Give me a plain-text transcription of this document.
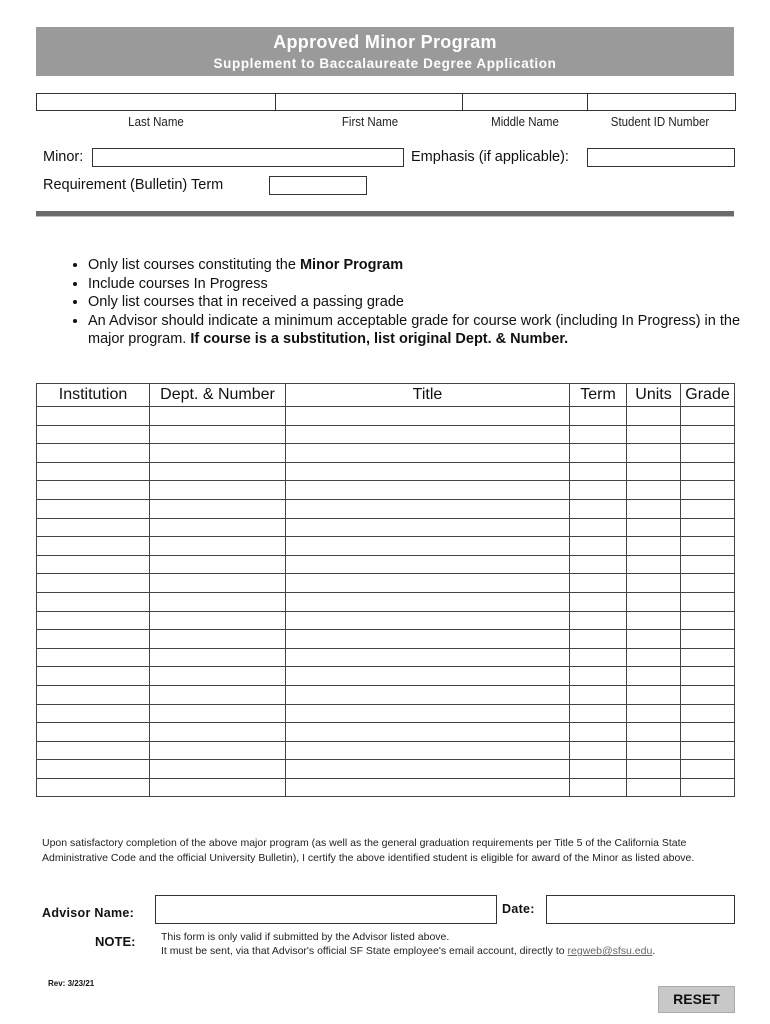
Approved Minor Program
Supplement to Baccalaureate Degree Application
Last Name	First Name	Middle Name	Student ID Number
Minor:	Emphasis (if applicable):
Requirement (Bulletin) Term
• Only list courses constituting the Minor Program
• Include courses In Progress
• Only list courses that in received a passing grade
• An Advisor should indicate a minimum acceptable grade for course work (including In Progress) in the major program. If course is a substitution, list original Dept. & Number.
Institution	Dept. & Number	Title	Term	Units	Grade

Upon satisfactory completion of the above major program (as well as the general graduation requirements per Title 5 of the California State Administrative Code and the official University Bulletin), I certify the above identified student is eligible for award of the Minor as listed above.
Advisor Name:	Date:
NOTE: This form is only valid if submitted by the Advisor listed above.
It must be sent, via that Advisor's official SF State employee's email account, directly to regweb@sfsu.edu.
Rev: 3/23/21
RESET
